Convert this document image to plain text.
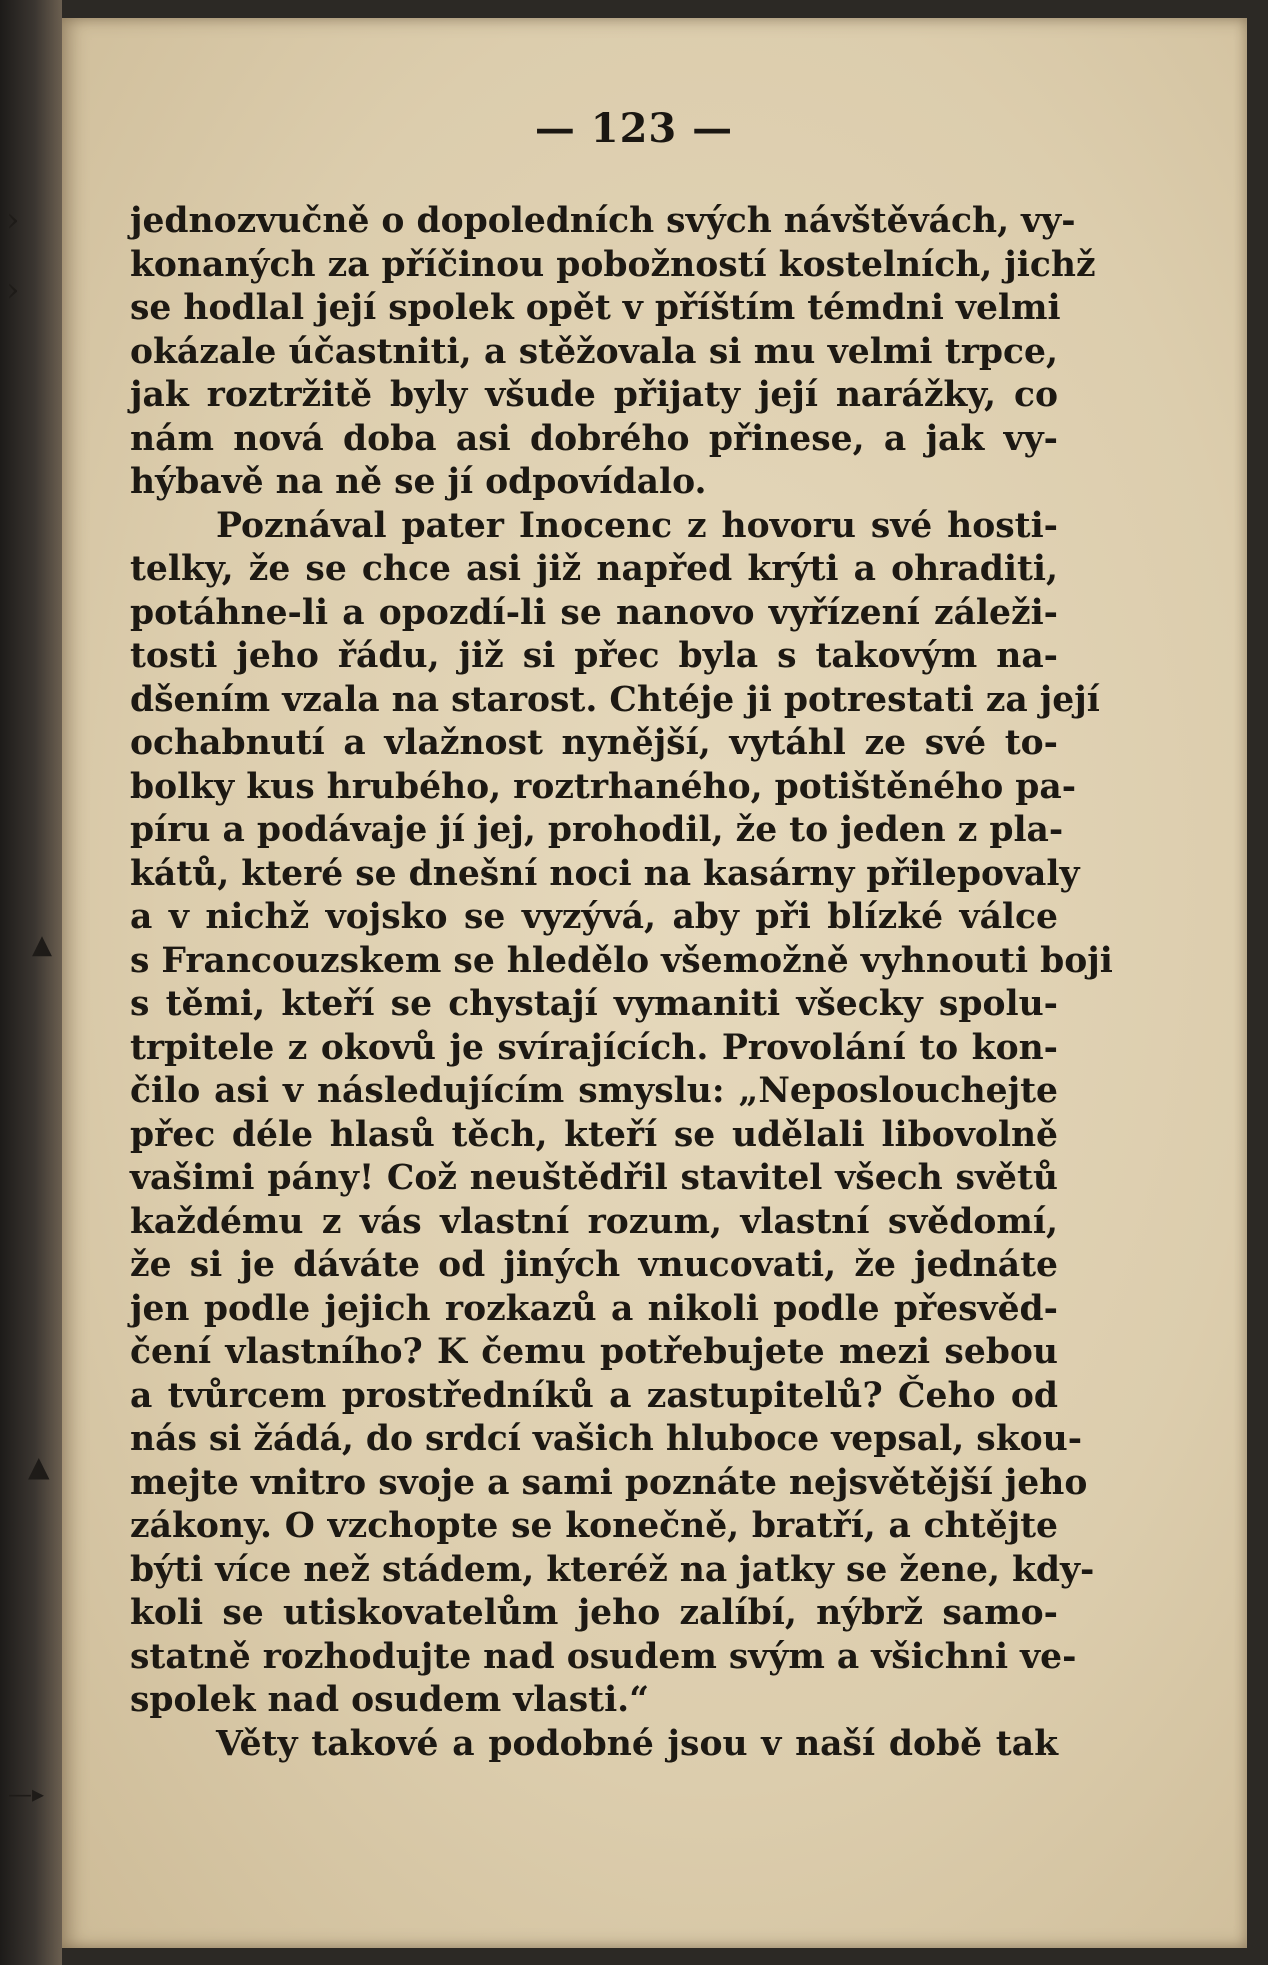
›
›
▲
▲
—▸
— 123 —
jednozvučně o dopoledních svých návštěvách, vy-
konaných za příčinou pobožností kostelních, jichž
se hodlal její spolek opět v příštím témdni velmi
okázale účastniti, a stěžovala si mu velmi trpce,
jak roztržitě byly všude přijaty její narážky, co
nám nová doba asi dobrého přinese, a jak vy-
hýbavě na ně se jí odpovídalo.
Poznával pater Inocenc z hovoru své hosti-
telky, že se chce asi již napřed krýti a ohraditi,
potáhne-li a opozdí-li se nanovo vyřízení záleži-
tosti jeho řádu, již si přec byla s takovým na-
dšením vzala na starost. Chtéje ji potrestati za její
ochabnutí a vlažnost nynější, vytáhl ze své to-
bolky kus hrubého, roztrhaného, potištěného pa-
píru a podávaje jí jej, prohodil, že to jeden z pla-
kátů, které se dnešní noci na kasárny přilepovaly
a v nichž vojsko se vyzývá, aby při blízké válce
s Francouzskem se hledělo všemožně vyhnouti boji
s těmi, kteří se chystají vymaniti všecky spolu-
trpitele z okovů je svírajících. Provolání to kon-
čilo asi v následujícím smyslu: „Neposlouchejte
přec déle hlasů těch, kteří se udělali libovolně
vašimi pány! Což neuštědřil stavitel všech světů
každému z vás vlastní rozum, vlastní svědomí,
že si je dáváte od jiných vnucovati, že jednáte
jen podle jejich rozkazů a nikoli podle přesvěd-
čení vlastního? K čemu potřebujete mezi sebou
a tvůrcem prostředníků a zastupitelů? Čeho od
nás si žádá, do srdcí vašich hluboce vepsal, skou-
mejte vnitro svoje a sami poznáte nejsvětější jeho
zákony. O vzchopte se konečně, bratří, a chtějte
býti více než stádem, kteréž na jatky se žene, kdy-
koli se utiskovatelům jeho zalíbí, nýbrž samo-
statně rozhodujte nad osudem svým a všichni ve-
spolek nad osudem vlasti.“
Věty takové a podobné jsou v naší době tak
